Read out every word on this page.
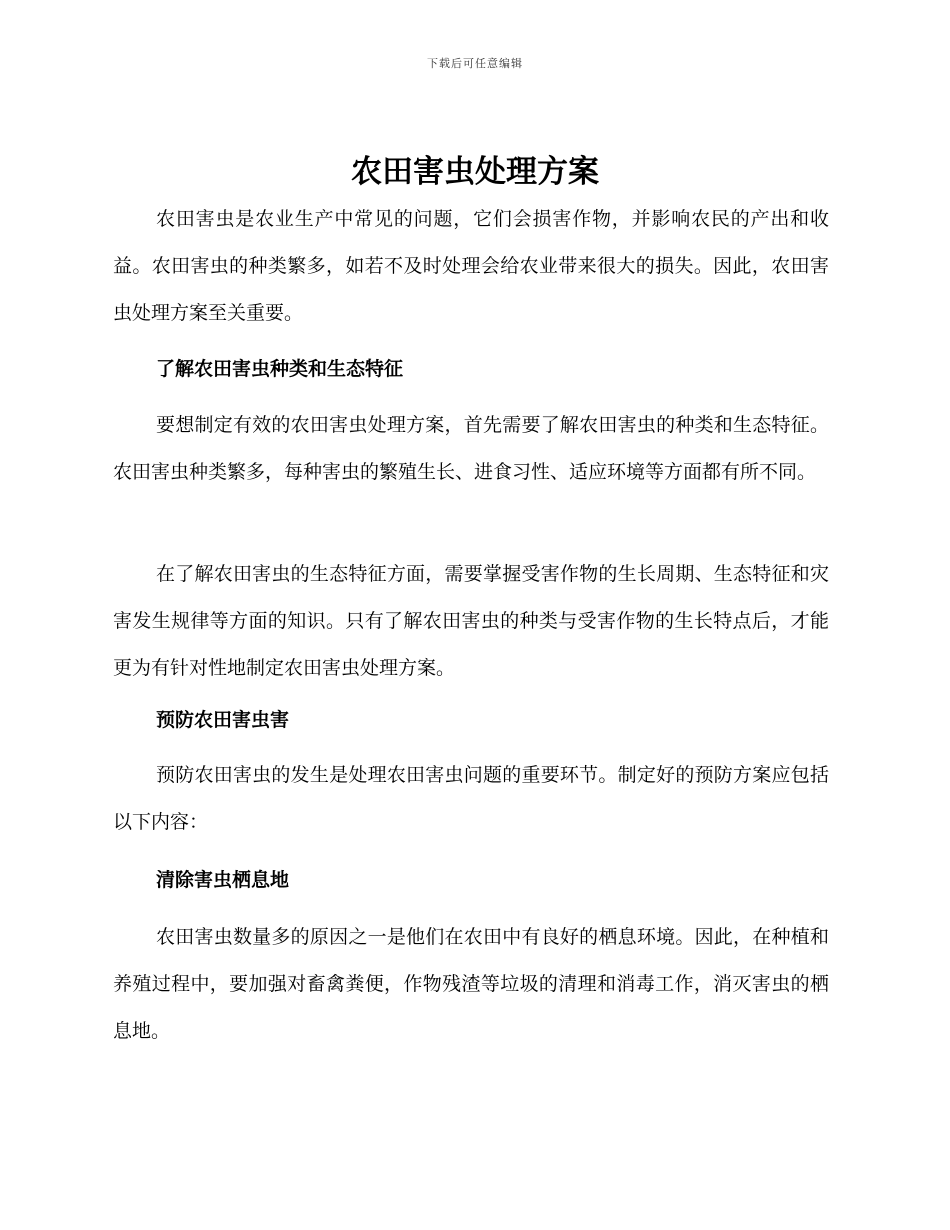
下载后可任意编辑
农田害虫处理方案

农田害虫是农业生产中常见的问题，它们会损害作物，并影响农民的产出和收益。农田害虫的种类繁多，如若不及时处理会给农业带来很大的损失。因此，农田害虫处理方案至关重要。

了解农田害虫种类和生态特征

要想制定有效的农田害虫处理方案，首先需要了解农田害虫的种类和生态特征。农田害虫种类繁多，每种害虫的繁殖生长、进食习性、适应环境等方面都有所不同。

在了解农田害虫的生态特征方面，需要掌握受害作物的生长周期、生态特征和灾害发生规律等方面的知识。只有了解农田害虫的种类与受害作物的生长特点后，才能更为有针对性地制定农田害虫处理方案。

预防农田害虫害

预防农田害虫的发生是处理农田害虫问题的重要环节。制定好的预防方案应包括以下内容：

清除害虫栖息地

农田害虫数量多的原因之一是他们在农田中有良好的栖息环境。因此，在种植和养殖过程中，要加强对畜禽粪便，作物残渣等垃圾的清理和消毒工作，消灭害虫的栖息地。
